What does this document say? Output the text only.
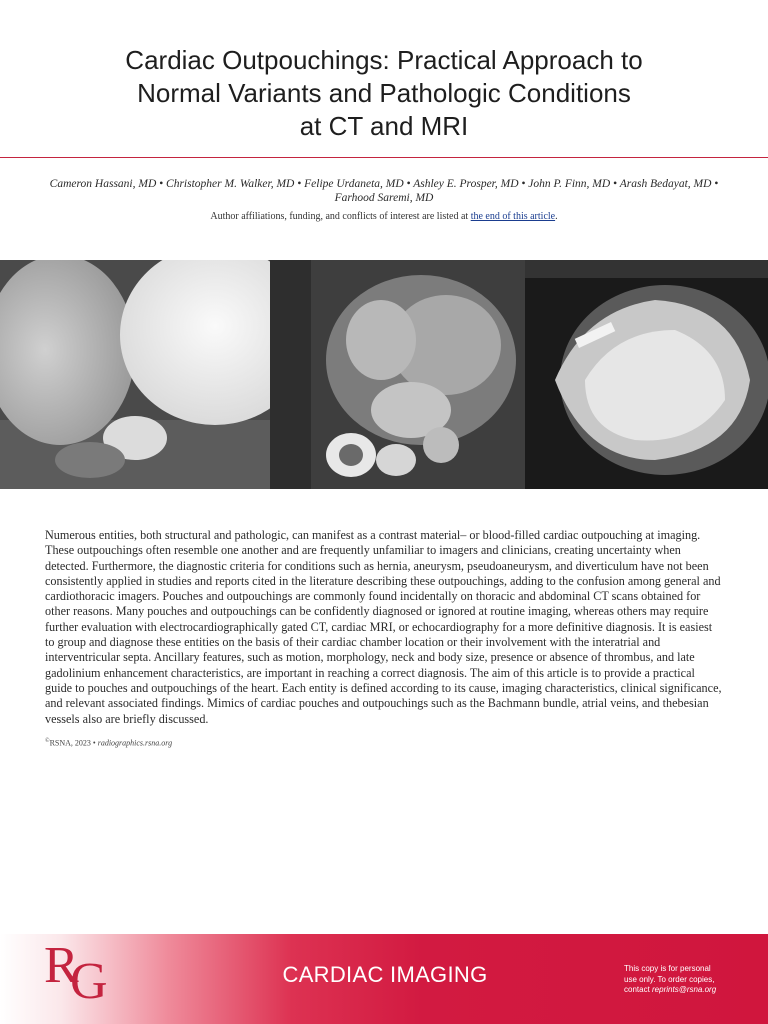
Cardiac Outpouchings: Practical Approach to
Normal Variants and Pathologic Conditions
at CT and MRI
Cameron Hassani, MD • Christopher M. Walker, MD • Felipe Urdaneta, MD • Ashley E. Prosper, MD • John P. Finn, MD • Arash Bedayat, MD •
Farhood Saremi, MD
Author affiliations, funding, and conflicts of interest are listed at the end of this article.

Numerous entities, both structural and pathologic, can manifest as a contrast material– or blood-filled cardiac outpouching at imaging. These outpouchings often resemble one another and are frequently unfamiliar to imagers and clinicians, creating uncertainty when detected. Furthermore, the diagnostic criteria for conditions such as hernia, aneurysm, pseudoaneurysm, and diverticulum have not been consistently applied in studies and reports cited in the literature describing these outpouchings, adding to the confusion among general and cardiothoracic imagers. Pouches and outpouchings are commonly found incidentally on thoracic and abdominal CT scans obtained for other reasons. Many pouches and outpouchings can be confidently diagnosed or ignored at routine imaging, whereas others may require further evaluation with electrocardiographically gated CT, cardiac MRI, or echocardiography for a more definitive diagnosis. It is easiest to group and diagnose these entities on the basis of their cardiac chamber location or their involvement with the interatrial and interventricular septa. Ancillary features, such as motion, morphology, neck and body size, presence or absence of thrombus, and late gadolinium enhancement characteristics, are important in reaching a correct diagnosis. The aim of this article is to provide a practical guide to pouches and outpouchings of the heart. Each entity is defined according to its cause, imaging characteristics, clinical significance, and relevant associated findings. Mimics of cardiac pouches and outpouchings such as the Bachmann bundle, atrial veins, and thebesian vessels also are briefly discussed.

©RSNA, 2023 • radiographics.rsna.org
R
G	CARDIAC IMAGING	This copy is for personal
use only. To order copies,
contact reprints@rsna.org
